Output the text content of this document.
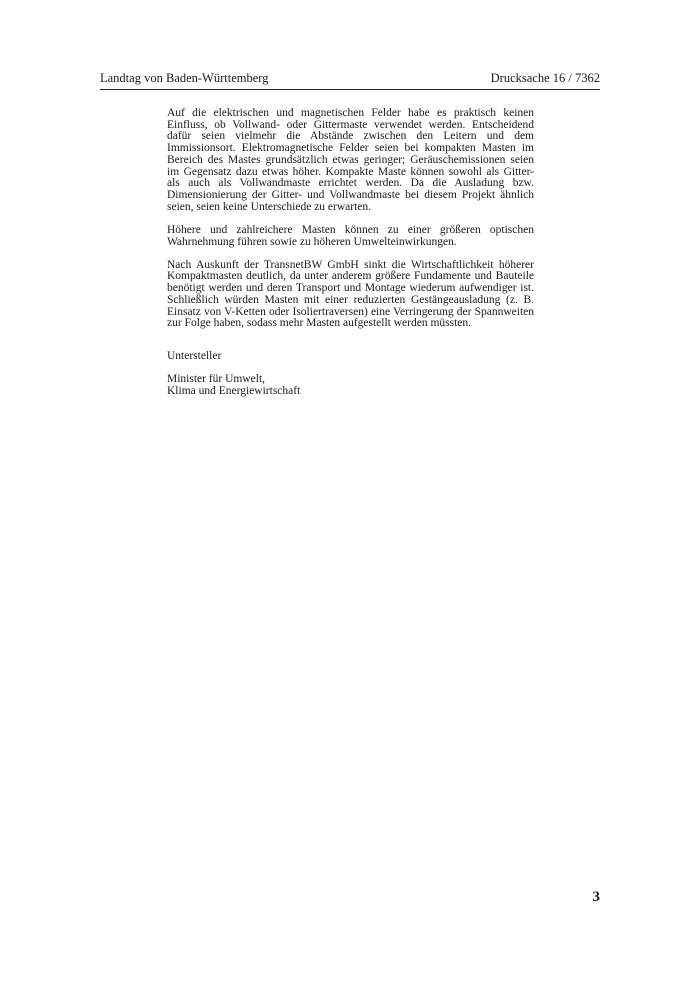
Landtag von Baden-Württemberg	Drucksache 16 / 7362

Auf die elektrischen und magnetischen Felder habe es praktisch keinen Einfluss, ob Vollwand- oder Gittermaste verwendet werden. Entscheidend dafür seien vielmehr die Abstände zwischen den Leitern und dem Immissionsort. Elektromagnetische Felder seien bei kompakten Masten im Bereich des Mastes grundsätzlich etwas geringer; Geräuschemissionen seien im Gegensatz dazu etwas höher. Kompakte Maste können sowohl als Gitter- als auch als Vollwandmaste errichtet werden. Da die Ausladung bzw. Dimensionierung der Gitter- und Vollwandmaste bei diesem Projekt ähnlich seien, seien keine Unterschiede zu erwarten.

Höhere und zahlreichere Masten können zu einer größeren optischen Wahrnehmung führen sowie zu höheren Umwelteinwirkungen.

Nach Auskunft der TransnetBW GmbH sinkt die Wirtschaftlichkeit höherer Kompaktmasten deutlich, da unter anderem größere Fundamente und Bauteile benötigt werden und deren Transport und Montage wiederum aufwendiger ist. Schließlich würden Masten mit einer reduzierten Gestängeausladung (z. B. Einsatz von V-Ketten oder Isoliertraversen) eine Verringerung der Spannweiten zur Folge haben, sodass mehr Masten aufgestellt werden müssten.

Untersteller

Minister für Umwelt,
Klima und Energiewirtschaft
3
